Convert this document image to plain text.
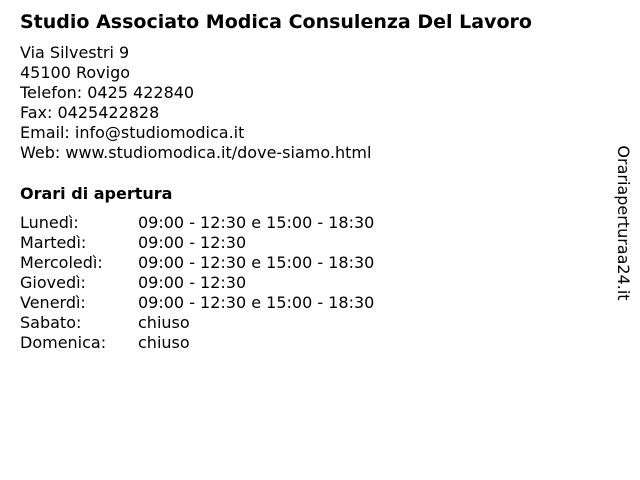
Studio Associato Modica Consulenza Del Lavoro
Via Silvestri 9
45100 Rovigo
Telefon: 0425 422840
Fax: 0425422828
Email: info@studiomodica.it
Web: www.studiomodica.it/dove-siamo.html
Orari di apertura
Lunedì:	09:00 - 12:30 e 15:00 - 18:30
Martedì:	09:00 - 12:30
Mercoledì: 09:00 - 12:30 e 15:00 - 18:30
Giovedì:	09:00 - 12:30
Venerdì:	09:00 - 12:30 e 15:00 - 18:30
Sabato:	chiuso
Domenica: chiuso
Orariaperturaa24.it
